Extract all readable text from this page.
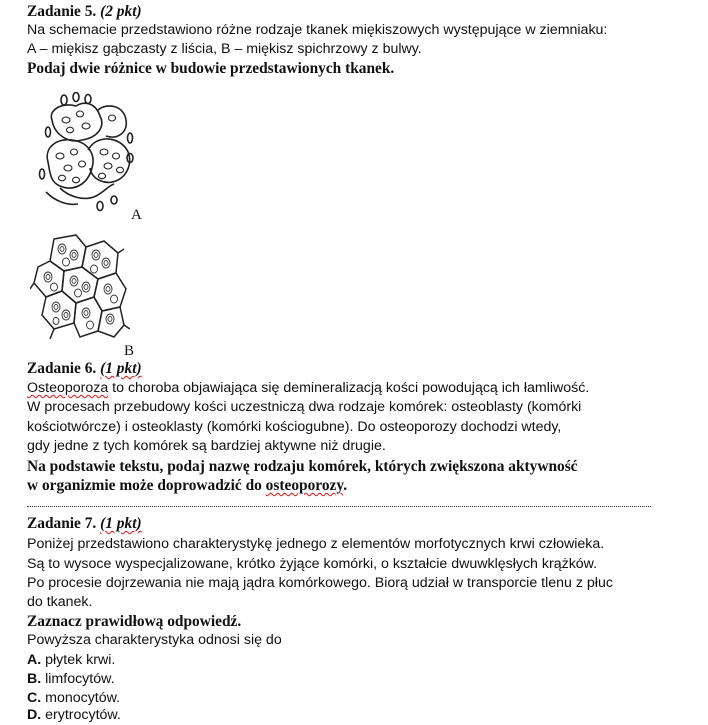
Zadanie 5. (2 pkt)
Na schemacie przedstawiono różne rodzaje tkanek miękiszowych występujące w ziemniaku:
A – miękisz gąbczasty z liścia, B – miękisz spichrzowy z bulwy.
Podaj dwie różnice w budowie przedstawionych tkanek.
A
B
Zadanie 6. (1 pkt)
Osteoporoza to choroba objawiająca się demineralizacją kości powodującą ich łamliwość.
W procesach przebudowy kości uczestniczą dwa rodzaje komórek: osteoblasty (komórki
kościotwórcze) i osteoklasty (komórki kościogubne). Do osteoporozy dochodzi wtedy,
gdy jedne z tych komórek są bardziej aktywne niż drugie.
Na podstawie tekstu, podaj nazwę rodzaju komórek, których zwiększona aktywność
w organizmie może doprowadzić do osteoporozy.
Zadanie 7. (1 pkt)
Poniżej przedstawiono charakterystykę jednego z elementów morfotycznych krwi człowieka.
Są to wysoce wyspecjalizowane, krótko żyjące komórki, o kształcie dwuwklęsłych krążków.
Po procesie dojrzewania nie mają jądra komórkowego. Biorą udział w transporcie tlenu z płuc
do tkanek.
Zaznacz prawidłową odpowiedź.
Powyższa charakterystyka odnosi się do
A. płytek krwi.
B. limfocytów.
C. monocytów.
D. erytrocytów.
